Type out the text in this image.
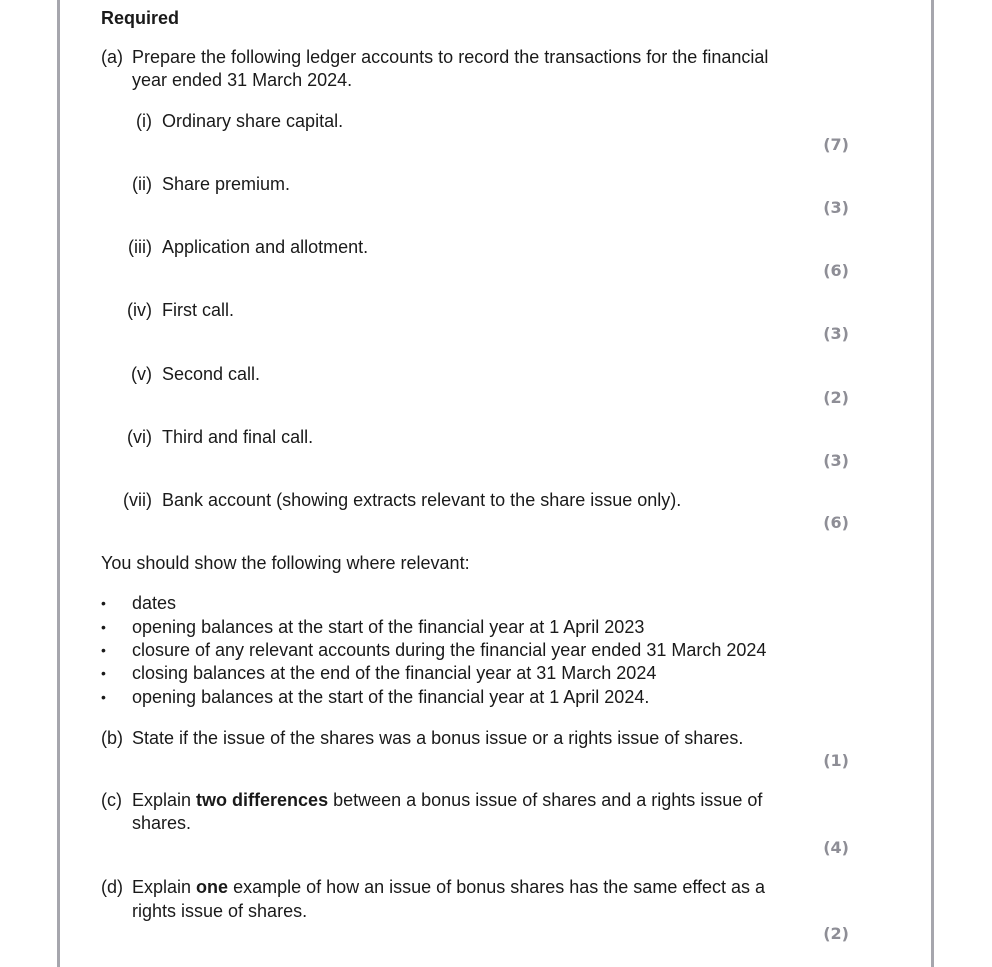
Required
(a) Prepare the following ledger accounts to record the transactions for the financial
year ended 31 March 2024.
(i) Ordinary share capital.
(7)
(ii) Share premium.
(3)
(iii) Application and allotment.
(6)
(iv) First call.
(3)
(v) Second call.
(2)
(vi) Third and final call.
(3)
(vii) Bank account (showing extracts relevant to the share issue only).
(6)
You should show the following where relevant:
• dates
• opening balances at the start of the financial year at 1 April 2023
• closure of any relevant accounts during the financial year ended 31 March 2024
• closing balances at the end of the financial year at 31 March 2024
• opening balances at the start of the financial year at 1 April 2024.
(b) State if the issue of the shares was a bonus issue or a rights issue of shares.
(1)
(c) Explain two differences between a bonus issue of shares and a rights issue of
shares.
(4)
(d) Explain one example of how an issue of bonus shares has the same effect as a
rights issue of shares.
(2)
